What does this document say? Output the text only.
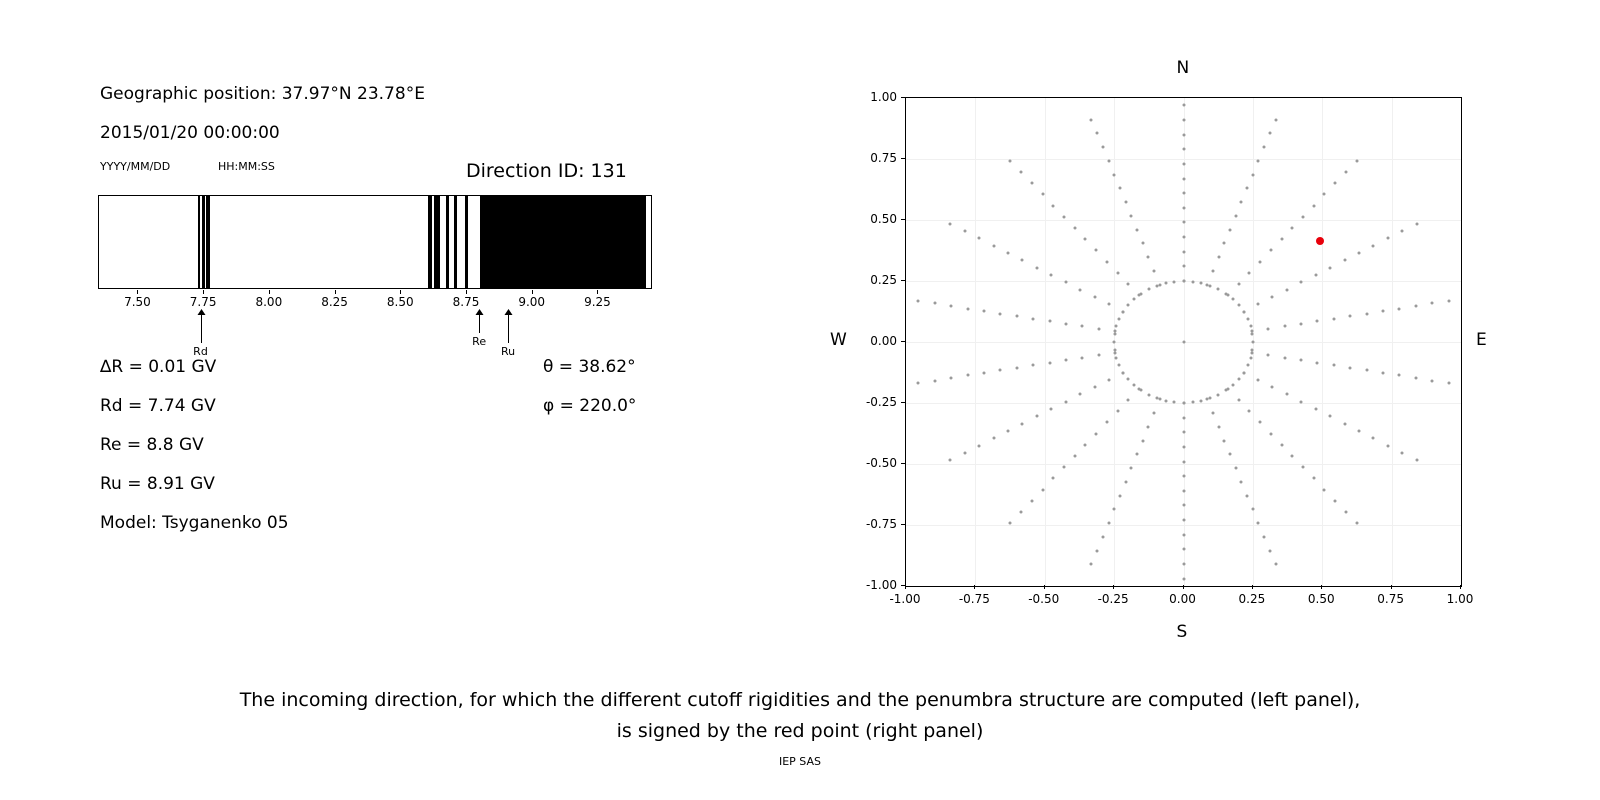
Geographic position: 37.97°N 23.78°E
2015/01/20 00:00:00
YYYY/MM/DD	HH:MM:SS	Direction ID: 131
7.50	7.75	8.00	8.25	8.50	8.75	9.00	9.25
Rd
Re
Ru
∆R = 0.01 GV
Rd = 7.74 GV
Re = 8.8 GV
Ru = 8.91 GV
Model: Tsyganenko 05
θ = 38.62°
φ = 220.0°
-1.00	-0.75	-0.50	-0.25	0.00	0.25	0.50	0.75	1.00
-1.00
-0.75
-0.50
-0.25
0.00
0.25
0.50
0.75
1.00
N
S
W	E
The incoming direction, for which the different cutoff rigidities and the penumbra structure are computed (left panel),
is signed by the red point (right panel)
IEP SAS
